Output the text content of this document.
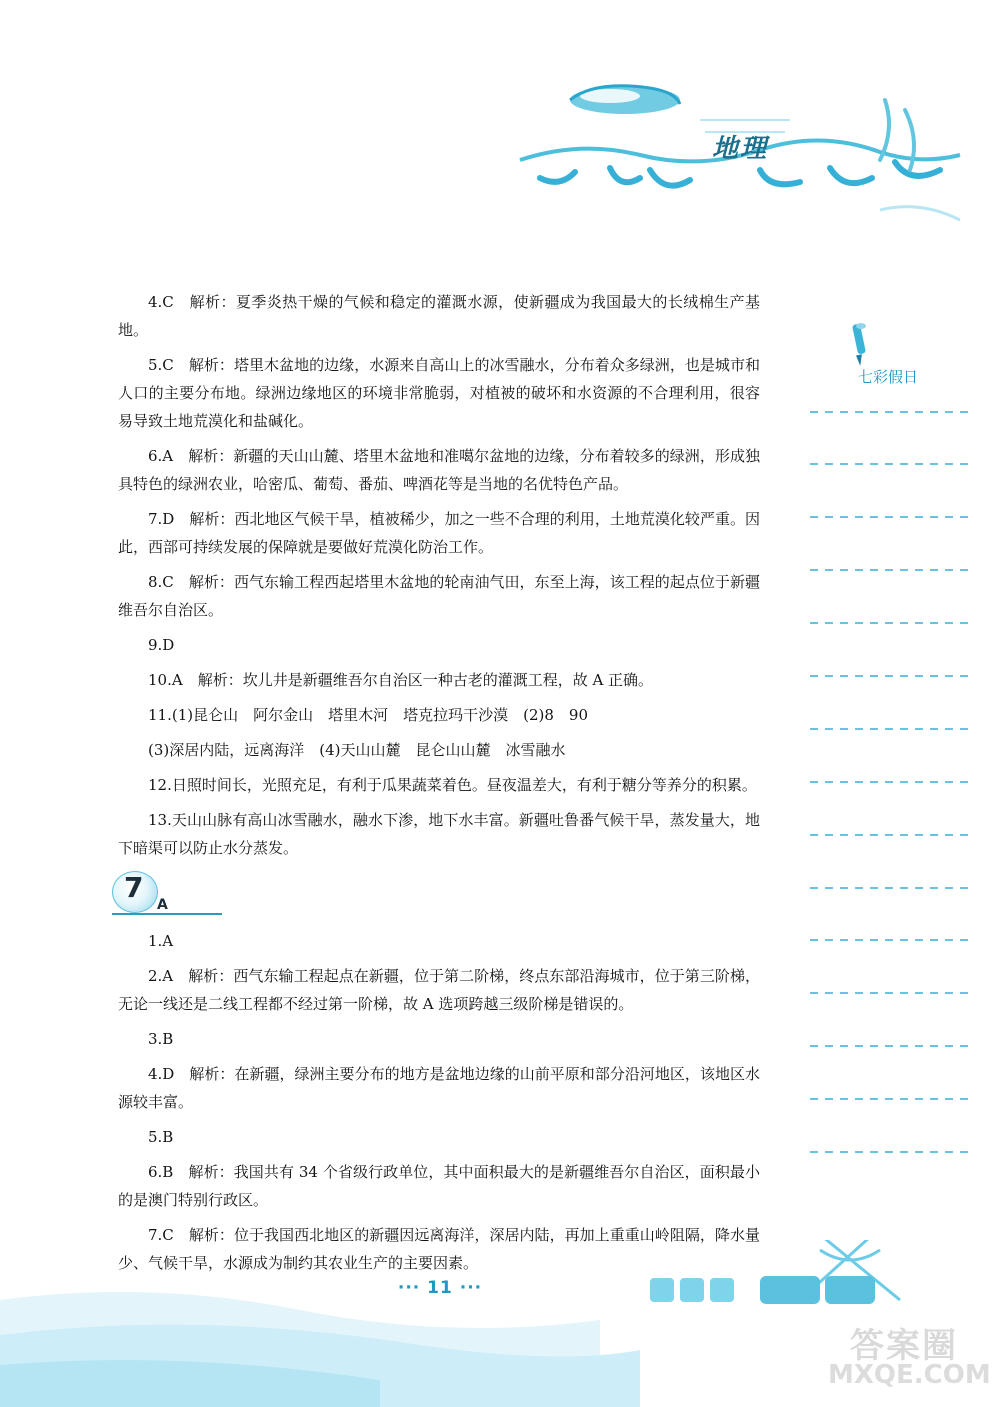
地理
七彩假日

4.C　解析：夏季炎热干燥的气候和稳定的灌溉水源，使新疆成为我国最大的长绒棉生产基地。

5.C　解析：塔里木盆地的边缘，水源来自高山上的冰雪融水，分布着众多绿洲，也是城市和人口的主要分布地。绿洲边缘地区的环境非常脆弱，对植被的破坏和水资源的不合理利用，很容易导致土地荒漠化和盐碱化。

6.A　解析：新疆的天山山麓、塔里木盆地和准噶尔盆地的边缘，分布着较多的绿洲，形成独具特色的绿洲农业，哈密瓜、葡萄、番茄、啤酒花等是当地的名优特色产品。

7.D　解析：西北地区气候干旱，植被稀少，加之一些不合理的利用，土地荒漠化较严重。因此，西部可持续发展的保障就是要做好荒漠化防治工作。

8.C　解析：西气东输工程西起塔里木盆地的轮南油气田，东至上海，该工程的起点位于新疆维吾尔自治区。

9.D

10.A　解析：坎儿井是新疆维吾尔自治区一种古老的灌溉工程，故 A 正确。

11.(1)昆仑山　阿尔金山　塔里木河　塔克拉玛干沙漠　(2)8　90

(3)深居内陆，远离海洋　(4)天山山麓　昆仑山山麓　冰雪融水

12.日照时间长，光照充足，有利于瓜果蔬菜着色。昼夜温差大，有利于糖分等养分的积累。

13.天山山脉有高山冰雪融水，融水下渗，地下水丰富。新疆吐鲁番气候干旱，蒸发量大，地下暗渠可以防止水分蒸发。

7
A

1.A

2.A　解析：西气东输工程起点在新疆，位于第二阶梯，终点东部沿海城市，位于第三阶梯，无论一线还是二线工程都不经过第一阶梯，故 A 选项跨越三级阶梯是错误的。

3.B

4.D　解析：在新疆，绿洲主要分布的地方是盆地边缘的山前平原和部分沿河地区，该地区水源较丰富。

5.B

6.B　解析：我国共有 34 个省级行政单位，其中面积最大的是新疆维吾尔自治区，面积最小的是澳门特别行政区。

7.C　解析：位于我国西北地区的新疆因远离海洋，深居内陆，再加上重重山岭阻隔，降水量少、气候干旱，水源成为制约其农业生产的主要因素。

··· 11 ···
答案圈
MXQE.COM
